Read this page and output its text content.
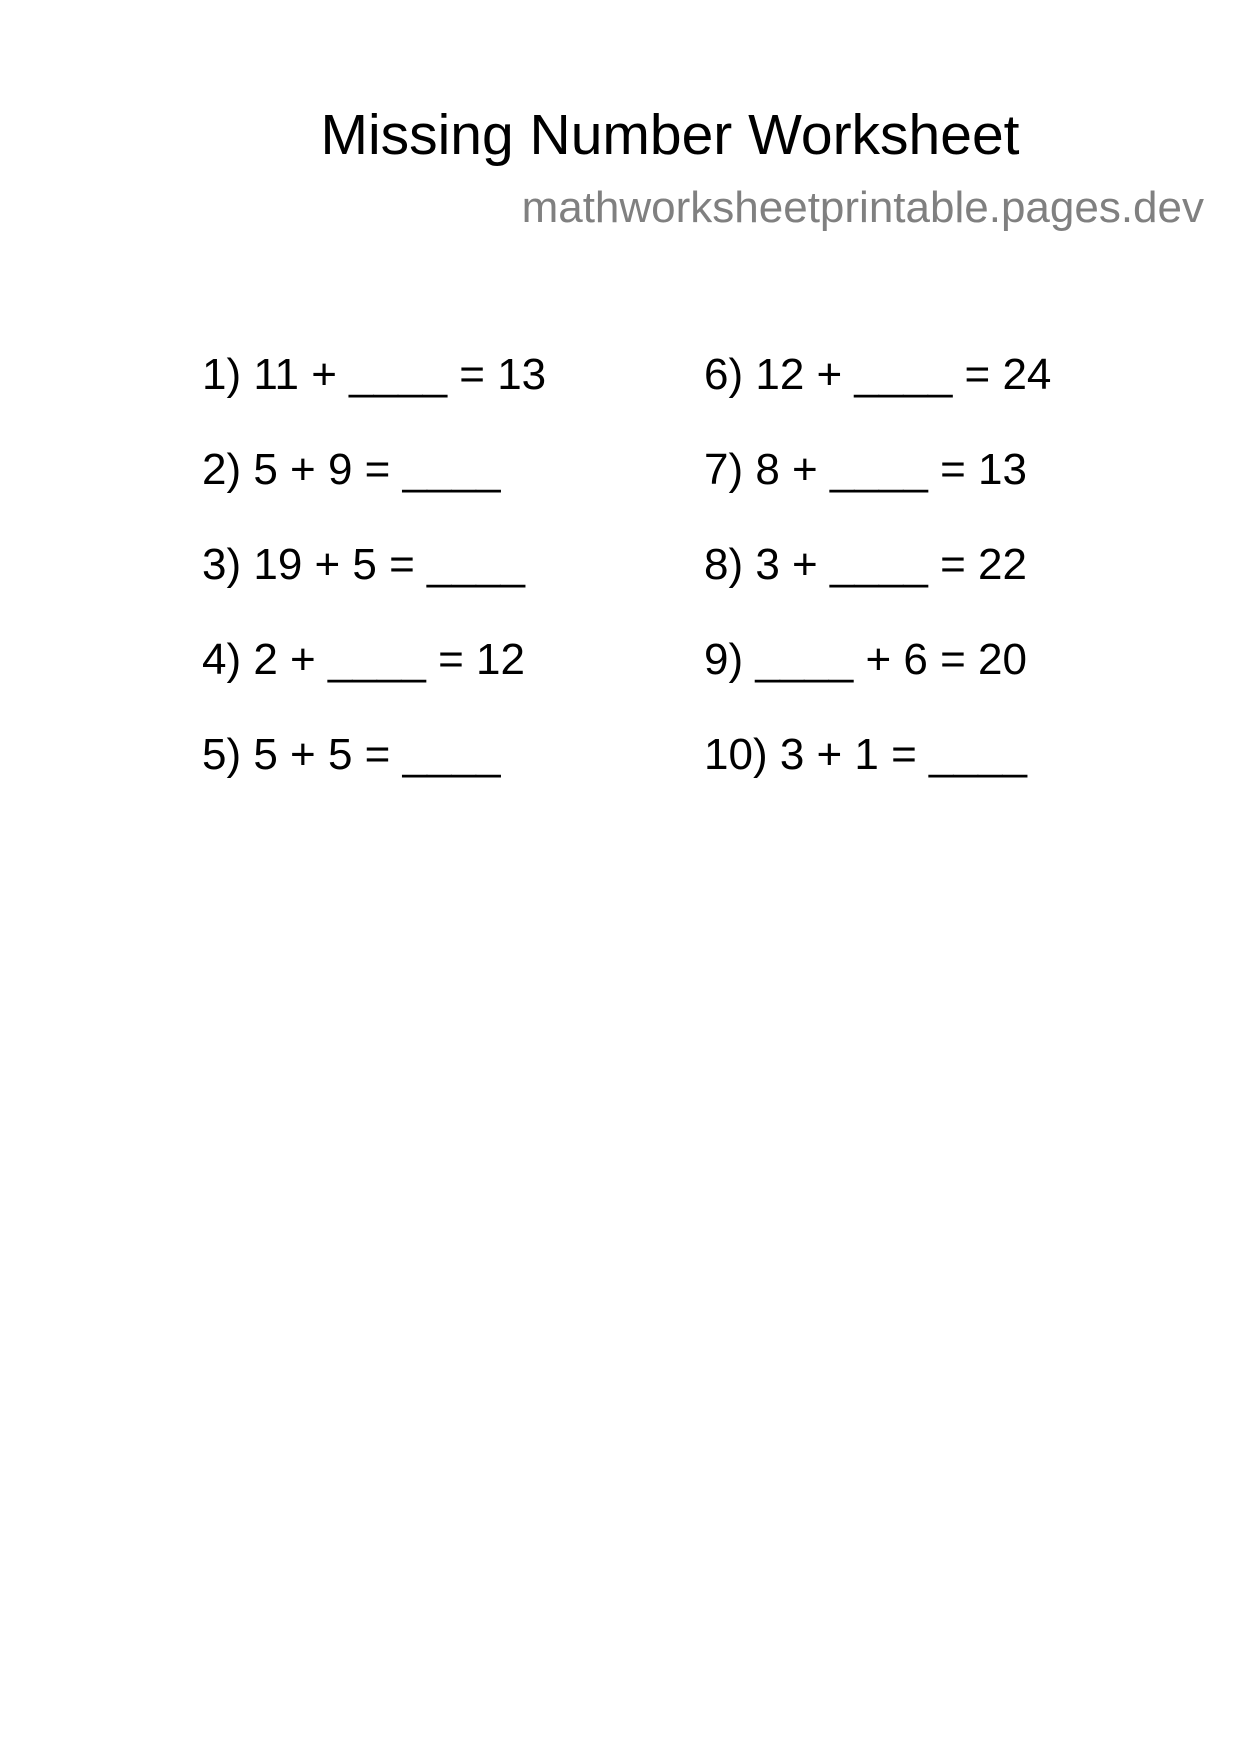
Missing Number Worksheet
mathworksheetprintable.pages.dev
1) 11 + ____ = 13
2) 5 + 9 = ____
3) 19 + 5 = ____
4) 2 + ____ = 12
5) 5 + 5 = ____
6) 12 + ____ = 24
7) 8 + ____ = 13
8) 3 + ____ = 22
9) ____ + 6 = 20
10) 3 + 1 = ____
